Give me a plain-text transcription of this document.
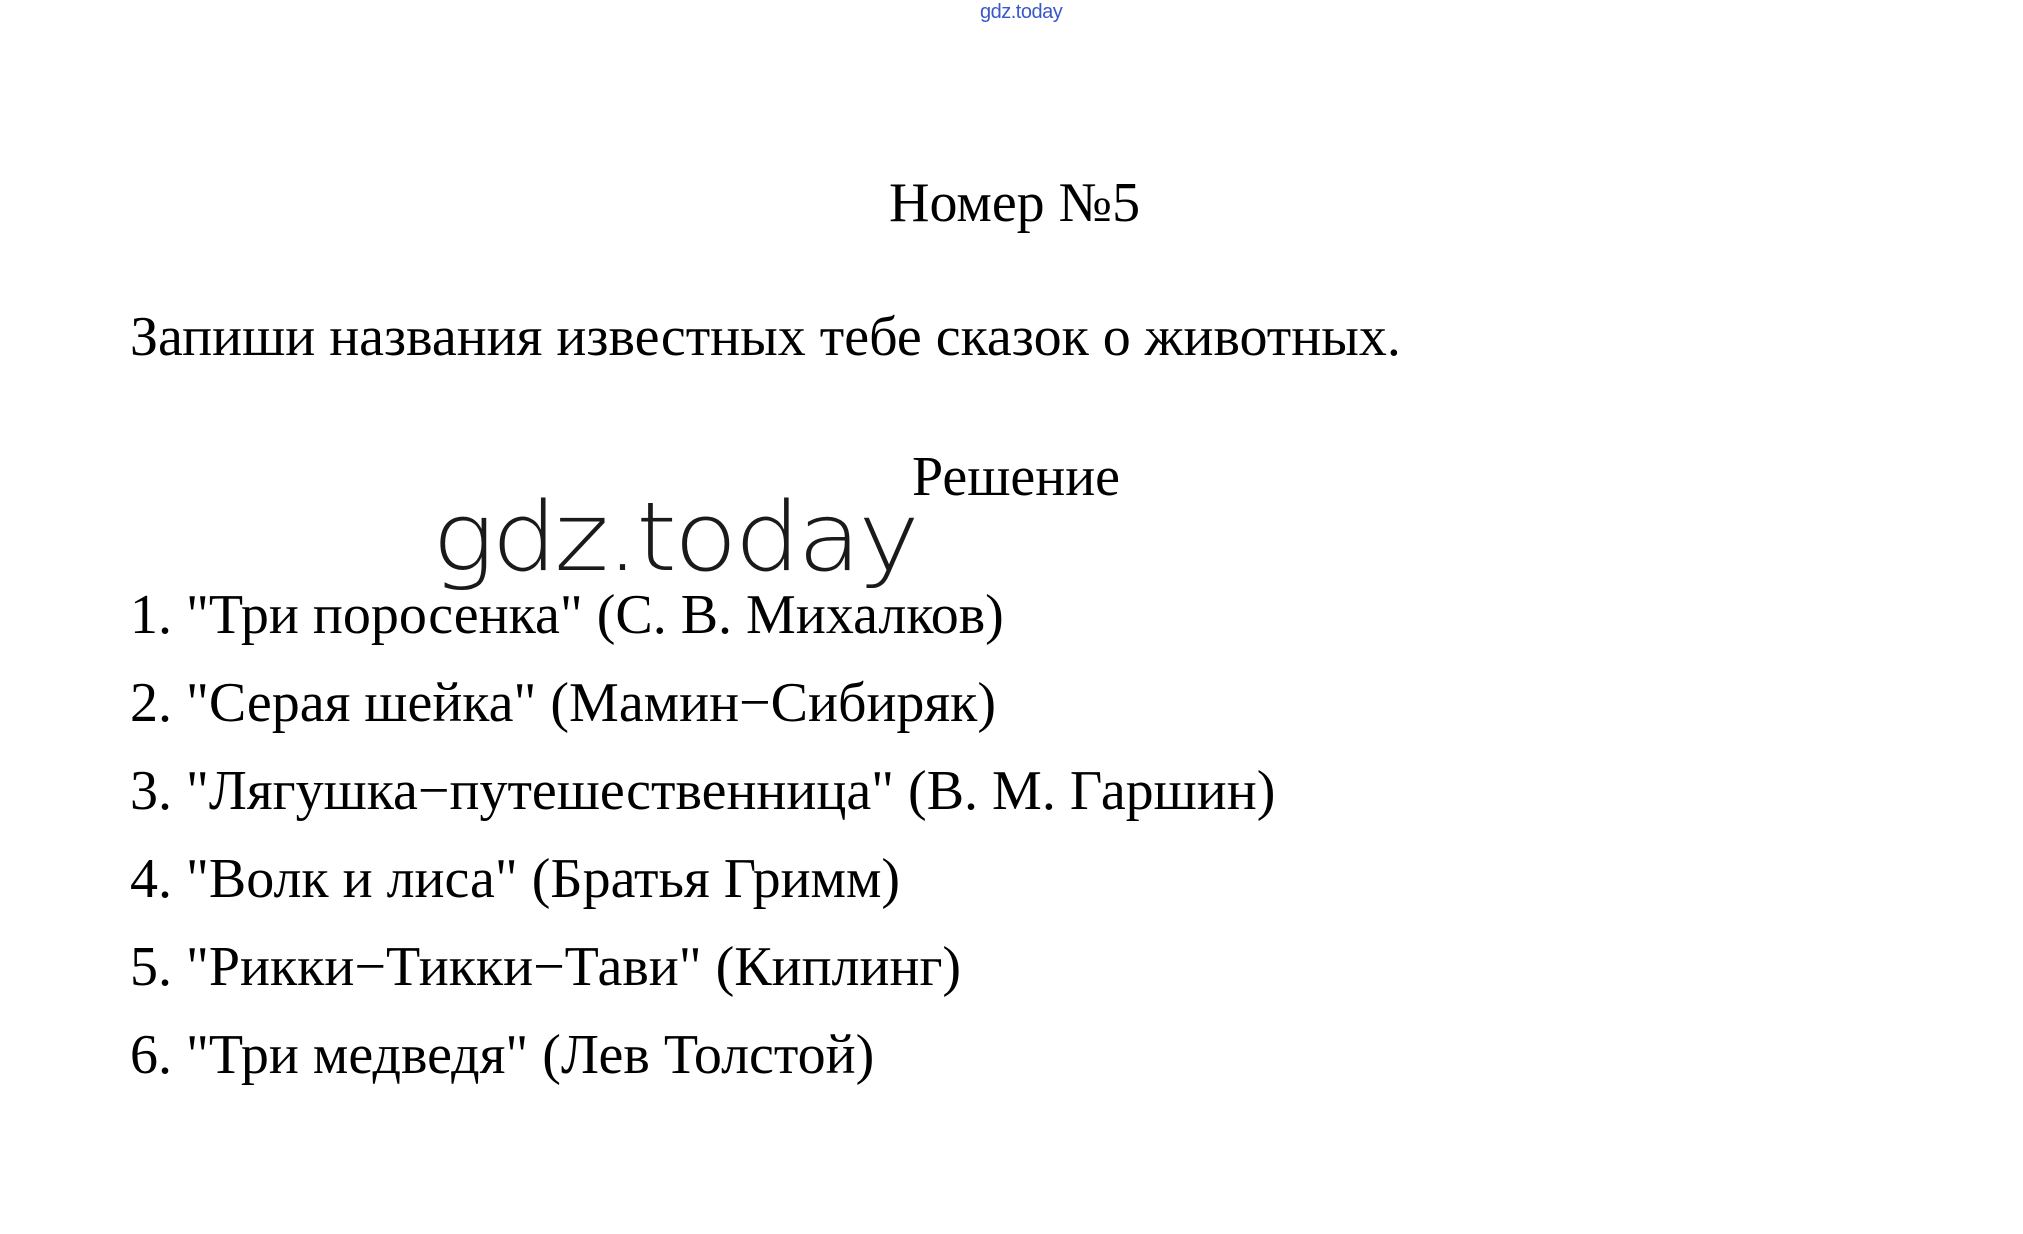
gdz.today
Номер №5
Запиши названия известных тебе сказок о животных.
Решение
gdz.today
1. "Три поросенка" (С. В. Михалков)
2. "Серая шейка" (Мамин−Сибиряк)
3. "Лягушка−путешественница" (В. М. Гаршин)
4. "Волк и лиса" (Братья Гримм)
5. "Рикки−Тикки−Тави" (Киплинг)
6. "Три медведя" (Лев Толстой)
